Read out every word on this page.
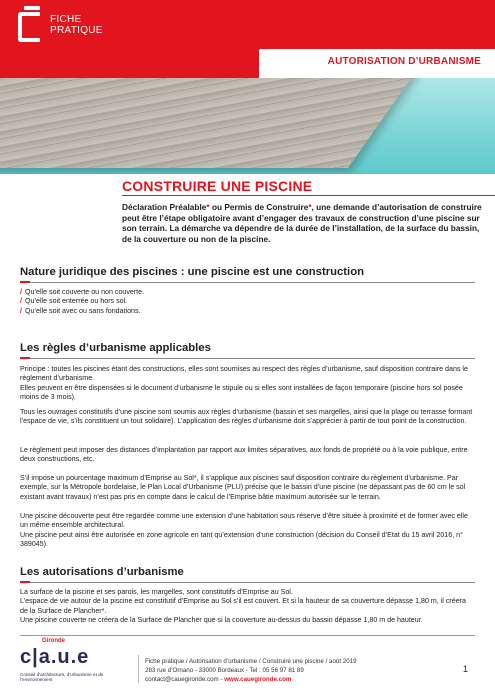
FICHE
PRATIQUE
AUTORISATION D’URBANISME
CONSTRUIRE UNE PISCINE
Déclaration Préalable* ou Permis de Construire*, une demande d’autorisation de construire peut être l’étape obligatoire avant d’engager des travaux de construction d’une piscine sur son terrain. La démarche va dépendre de la durée de l’installation, de la surface du bassin, de la couverture ou non de la piscine.
Nature juridique des piscines : une piscine est une construction
/ Qu’elle soit couverte ou non couverte.
/ Qu’elle soit enterrée ou hors sol.
/ Qu’elle soit avec ou sans fondations.
Les règles d’urbanisme applicables
Principe : toutes les piscines étant des constructions, elles sont soumises au respect des règles d’urbanisme, sauf disposition contraire dans le règlement d’urbanisme.
Elles peuvent en être dispensées si le document d’urbanisme le stipule ou si elles sont installées de façon temporaire (piscine hors sol posée moins de 3 mois).
Tous les ouvrages constitutifs d’une piscine sont soumis aux règles d’urbanisme (bassin et ses margelles, ainsi que la plage ou terrasse formant l’espace de vie, s’ils constituent un tout solidaire). L’application des règles d’urbanisme doit s’apprécier à partir de tout point de la construction.
Le règlement peut imposer des distances d’implantation par rapport aux limites séparatives, aux fonds de propriété ou à la voie publique, entre deux constructions, etc.
S’il impose un pourcentage maximum d’Emprise au Sol*, il s’applique aux piscines sauf disposition contraire du règlement d’urbanisme. Par exemple, sur la Métropole bordelaise, le Plan Local d’Urbanisme (PLU) précise que le bassin d’une piscine (ne dépassant pas de 60 cm le sol existant avant travaux) n’est pas pris en compte dans le calcul de l’Emprise bâtie maximum autorisée sur le terrain.
Une piscine découverte peut être regardée comme une extension d’une habitation sous réserve d’être située à proximité et de former avec elle un même ensemble architectural.
Une piscine peut ainsi être autorisée en zone agricole en tant qu’extension d’une construction (décision du Conseil d’Etat du 15 avril 2016, n° 389045).
Les autorisations d’urbanisme
La surface de la piscine et ses parois, les margelles, sont constitutifs d’Emprise au Sol.
L’espace de vie autour de la piscine est constitutif d’Emprise au Sol s’il est couvert. Et si la hauteur de sa couverture dépasse 1,80 m, il créera de la Surface de Plancher*.
Une piscine couverte ne créera de la Surface de Plancher que si la couverture au-dessus du bassin dépasse 1,80 m de hauteur.
Gironde
c|a.u.e
Conseil d’architecture, d’urbanisme et de l’environnement
Fiche pratique / Autorisation d’urbanisme / Construire une piscine / août 2019
283 rue d’Ornano - 33000 Bordeaux - Tel : 05 56 97 81 89
contact@cauegironde.com - www.cauegironde.com
1
